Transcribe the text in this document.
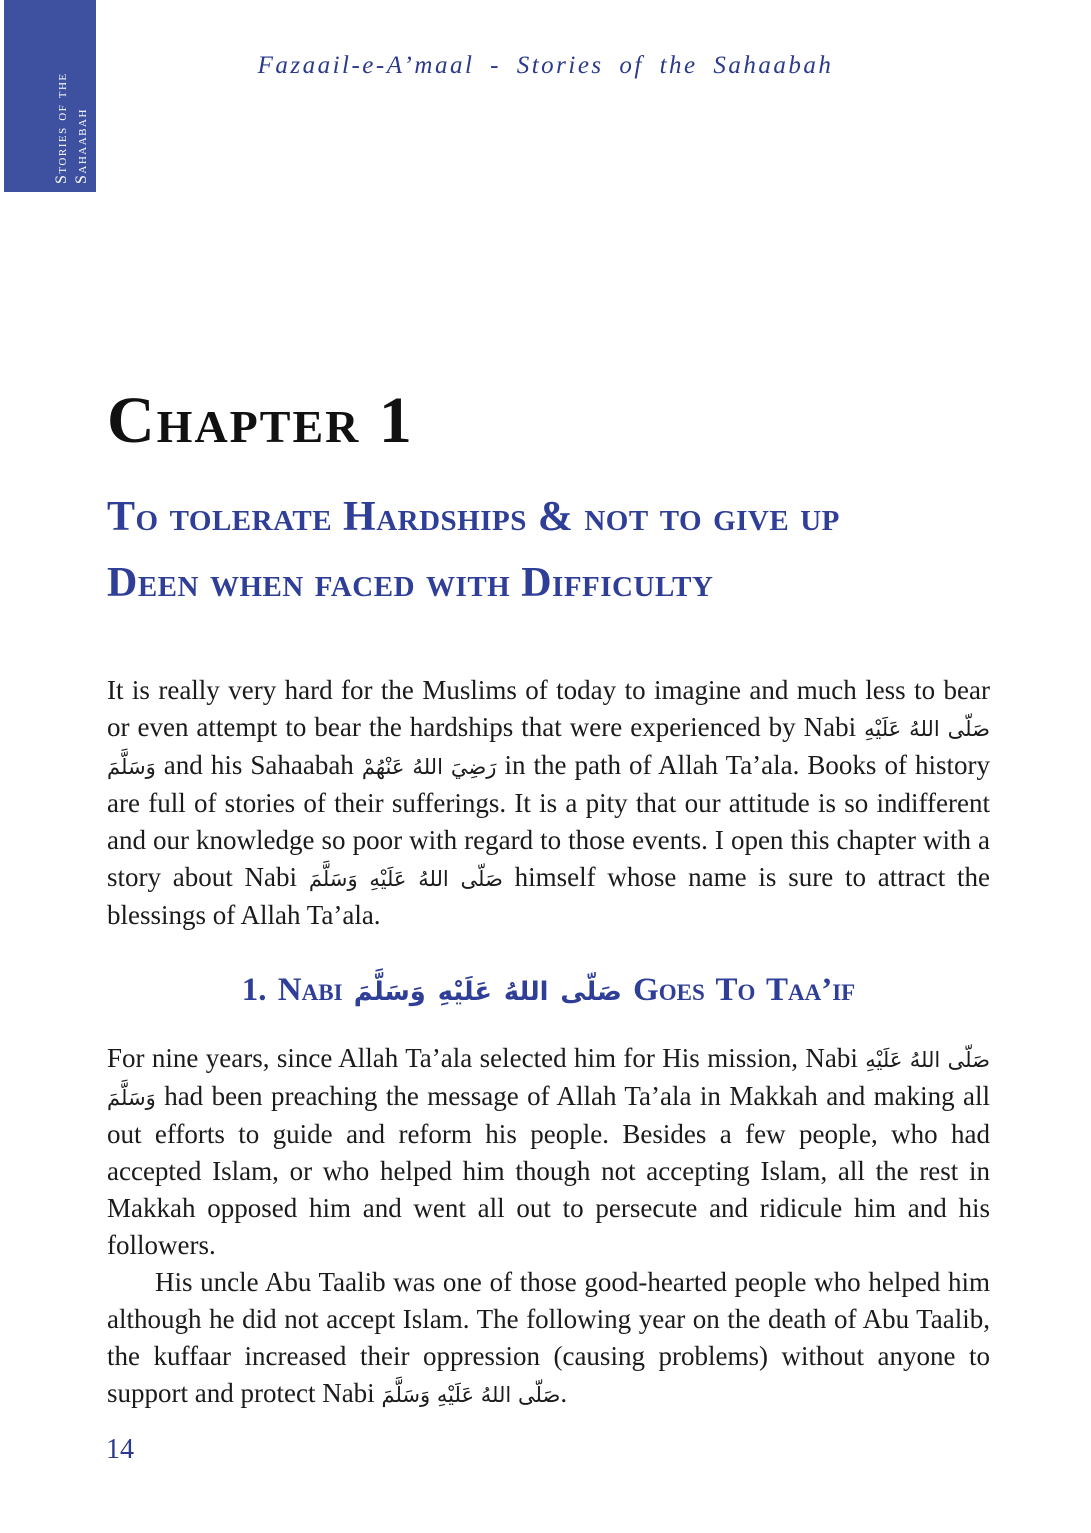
Stories of the Sahaabah
Fazaail-e-A’maal - Stories of the Sahaabah
Chapter 1
To tolerate Hardships & not to give up
Deen when faced with Difficulty

It is really very hard for the Muslims of today to imagine and much less to bear or even attempt to bear the hardships that were experienced by Nabi صَلّى اللهُ عَلَيْهِ وَسَلَّمَ and his Sahaabah رَضِيَ اللهُ عَنْهُمْ in the path of Allah Ta’ala. Books of history are full of stories of their sufferings. It is a pity that our attitude is so indifferent and our knowledge so poor with regard to those events. I open this chapter with a story about Nabi صَلّى اللهُ عَلَيْهِ وَسَلَّمَ himself whose name is sure to attract the blessings of Allah Ta’ala.

1. Nabi صَلّى اللهُ عَلَيْهِ وَسَلَّمَ Goes To Taa’if

For nine years, since Allah Ta’ala selected him for His mission, Nabi صَلّى اللهُ عَلَيْهِ وَسَلَّمَ had been preaching the message of Allah Ta’ala in Makkah and making all out efforts to guide and reform his people. Besides a few people, who had accepted Islam, or who helped him though not accepting Islam, all the rest in Makkah opposed him and went all out to persecute and ridicule him and his followers.

His uncle Abu Taalib was one of those good-hearted people who helped him although he did not accept Islam. The following year on the death of Abu Taalib, the kuffaar increased their oppression (causing problems) without anyone to support and protect Nabi صَلّى اللهُ عَلَيْهِ وَسَلَّمَ.

14
